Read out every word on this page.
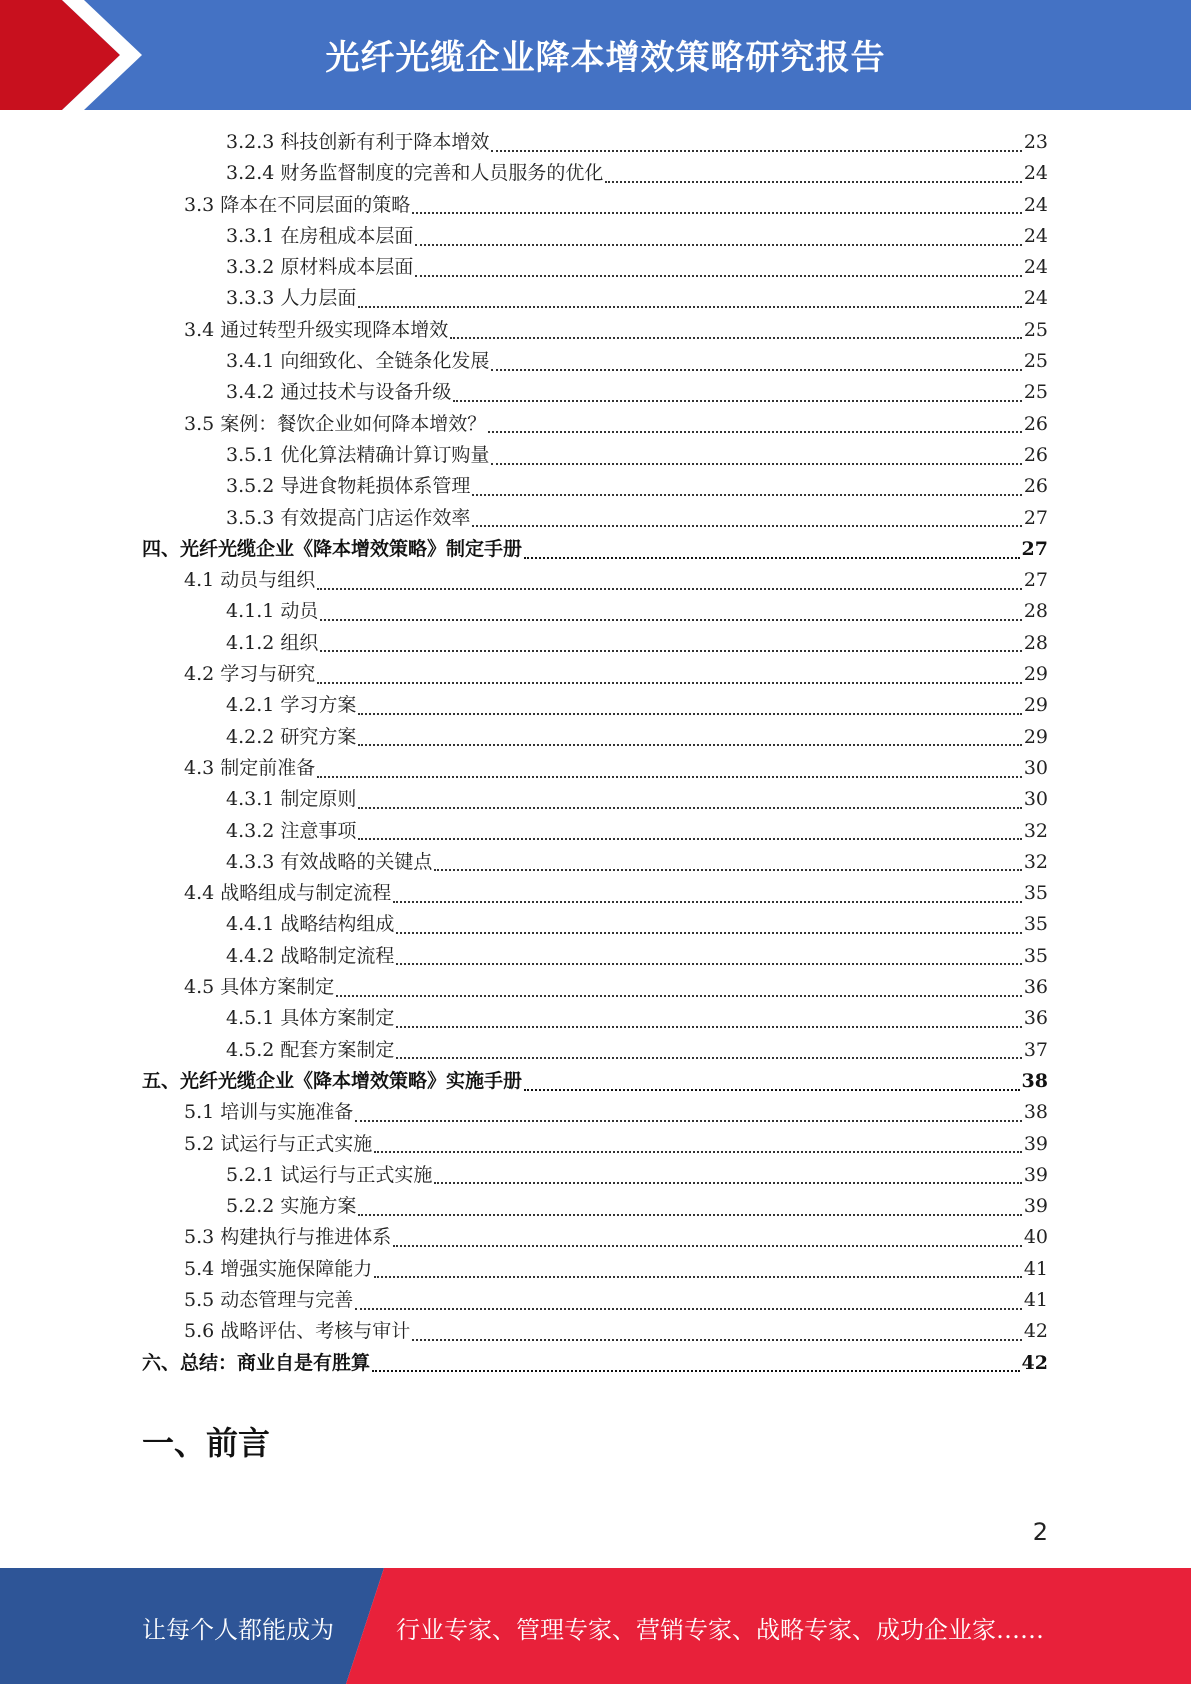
光纤光缆企业降本增效策略研究报告
3.2.3 科技创新有利于降本增效	23
3.2.4 财务监督制度的完善和人员服务的优化	24
3.3 降本在不同层面的策略	24
3.3.1 在房租成本层面	24
3.3.2 原材料成本层面	24
3.3.3 人力层面	24
3.4 通过转型升级实现降本增效	25
3.4.1 向细致化、全链条化发展	25
3.4.2 通过技术与设备升级	25
3.5 案例：餐饮企业如何降本增效？	26
3.5.1 优化算法精确计算订购量	26
3.5.2 导进食物耗损体系管理	26
3.5.3 有效提高门店运作效率	27
四、光纤光缆企业《降本增效策略》制定手册	27
4.1 动员与组织	27
4.1.1 动员	28
4.1.2 组织	28
4.2 学习与研究	29
4.2.1 学习方案	29
4.2.2 研究方案	29
4.3 制定前准备	30
4.3.1 制定原则	30
4.3.2 注意事项	32
4.3.3 有效战略的关键点	32
4.4 战略组成与制定流程	35
4.4.1 战略结构组成	35
4.4.2 战略制定流程	35
4.5 具体方案制定	36
4.5.1 具体方案制定	36
4.5.2 配套方案制定	37
五、光纤光缆企业《降本增效策略》实施手册	38
5.1 培训与实施准备	38
5.2 试运行与正式实施	39
5.2.1 试运行与正式实施	39
5.2.2 实施方案	39
5.3 构建执行与推进体系	40
5.4 增强实施保障能力	41
5.5 动态管理与完善	41
5.6 战略评估、考核与审计	42
六、总结：商业自是有胜算	42
一、前言
2
让每个人都能成为	行业专家、管理专家、营销专家、战略专家、成功企业家……
